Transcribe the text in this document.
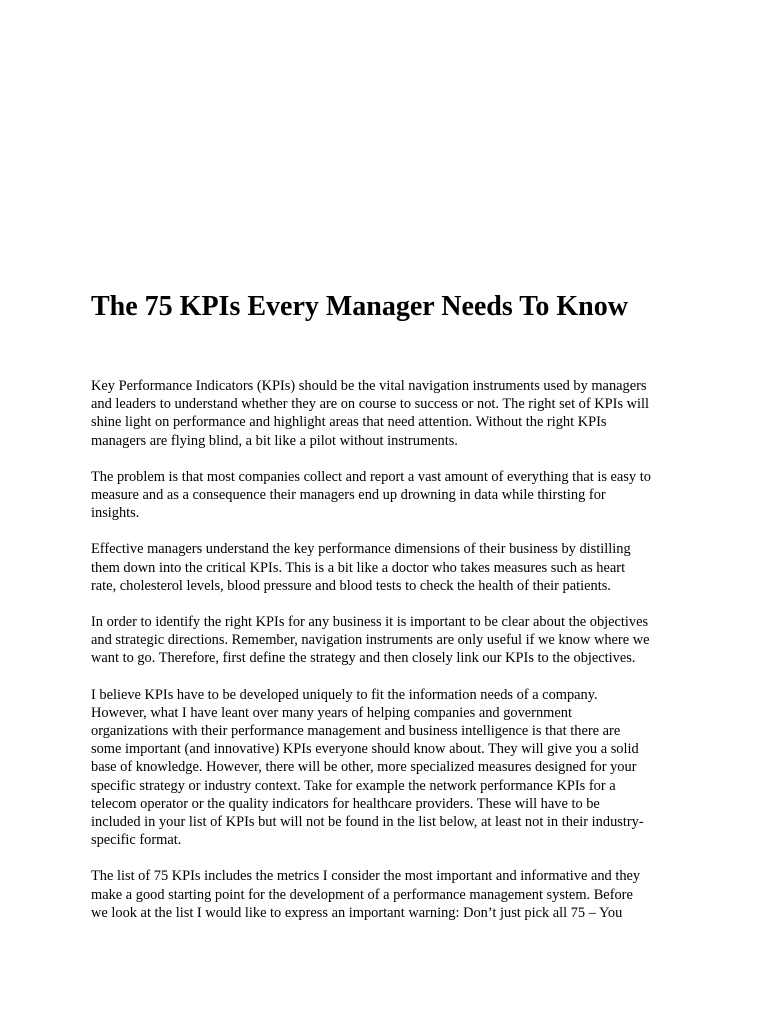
The 75 KPIs Every Manager Needs To Know

Key Performance Indicators (KPIs) should be the vital navigation instruments used by managers
and leaders to understand whether they are on course to success or not. The right set of KPIs will
shine light on performance and highlight areas that need attention. Without the right KPIs
managers are flying blind, a bit like a pilot without instruments.

The problem is that most companies collect and report a vast amount of everything that is easy to
measure and as a consequence their managers end up drowning in data while thirsting for
insights.

Effective managers understand the key performance dimensions of their business by distilling
them down into the critical KPIs. This is a bit like a doctor who takes measures such as heart
rate, cholesterol levels, blood pressure and blood tests to check the health of their patients.

In order to identify the right KPIs for any business it is important to be clear about the objectives
and strategic directions. Remember, navigation instruments are only useful if we know where we
want to go. Therefore, first define the strategy and then closely link our KPIs to the objectives.

I believe KPIs have to be developed uniquely to fit the information needs of a company.
However, what I have leant over many years of helping companies and government
organizations with their performance management and business intelligence is that there are
some important (and innovative) KPIs everyone should know about. They will give you a solid
base of knowledge. However, there will be other, more specialized measures designed for your
specific strategy or industry context. Take for example the network performance KPIs for a
telecom operator or the quality indicators for healthcare providers. These will have to be
included in your list of KPIs but will not be found in the list below, at least not in their industry-
specific format.

The list of 75 KPIs includes the metrics I consider the most important and informative and they
make a good starting point for the development of a performance management system. Before
we look at the list I would like to express an important warning: Don’t just pick all 75 – You
